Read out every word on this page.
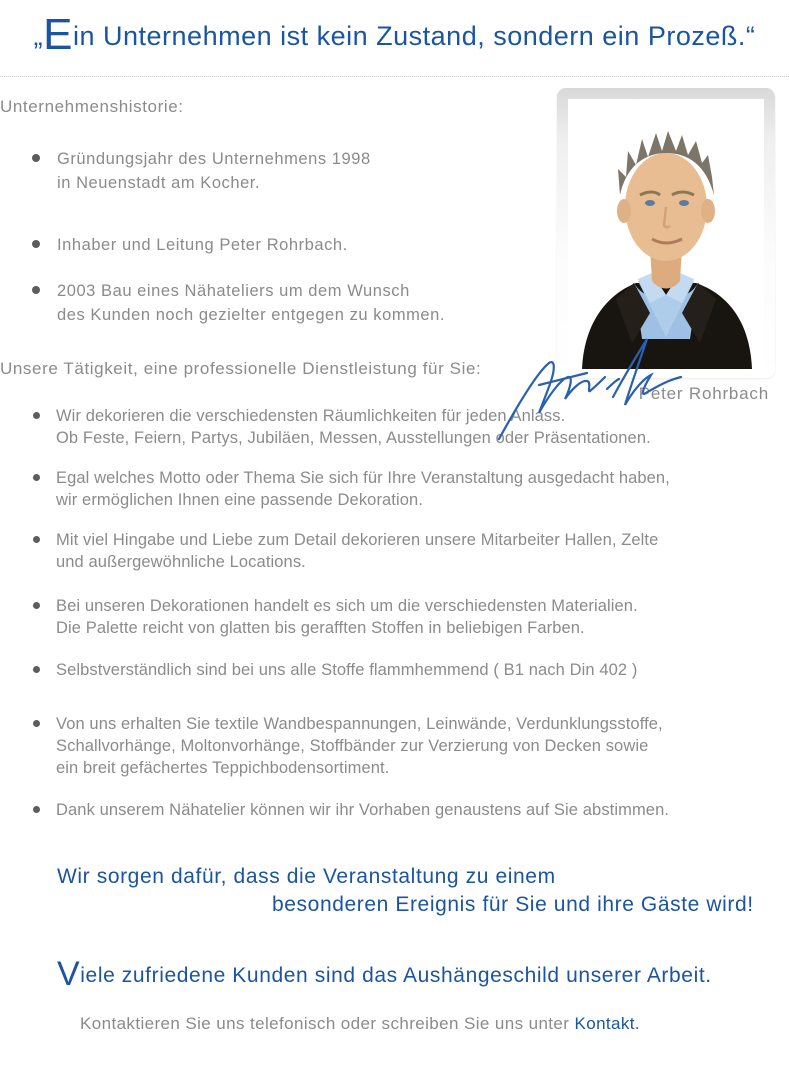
„Ein Unternehmen ist kein Zustand, sondern ein Prozeß.“
Peter Rohrbach
Unternehmenshistorie:
Gründungsjahr des Unternehmens 1998
in Neuenstadt am Kocher.
Inhaber und Leitung Peter Rohrbach.
2003 Bau eines Nähateliers um dem Wunsch
des Kunden noch gezielter entgegen zu kommen.
Unsere Tätigkeit, eine professionelle Dienstleistung für Sie:
Wir dekorieren die verschiedensten Räumlichkeiten für jeden Anlass.
Ob Feste, Feiern, Partys, Jubiläen, Messen, Ausstellungen oder Präsentationen.
Egal welches Motto oder Thema Sie sich für Ihre Veranstaltung ausgedacht haben,
wir ermöglichen Ihnen eine passende Dekoration.
Mit viel Hingabe und Liebe zum Detail dekorieren unsere Mitarbeiter Hallen, Zelte
und außergewöhnliche Locations.
Bei unseren Dekorationen handelt es sich um die verschiedensten Materialien.
Die Palette reicht von glatten bis gerafften Stoffen in beliebigen Farben.
Selbstverständlich sind bei uns alle Stoffe flammhemmend ( B1 nach Din 402 )
Von uns erhalten Sie textile Wandbespannungen, Leinwände, Verdunklungsstoffe,
Schallvorhänge, Moltonvorhänge, Stoffbänder zur Verzierung von Decken sowie
ein breit gefächertes Teppichbodensortiment.
Dank unserem Nähatelier können wir ihr Vorhaben genaustens auf Sie abstimmen.
Wir sorgen dafür, dass die Veranstaltung zu einem
besonderen Ereignis für Sie und ihre Gäste wird!
Viele zufriedene Kunden sind das Aushängeschild unserer Arbeit.
Kontaktieren Sie uns telefonisch oder schreiben Sie uns unter Kontakt.
